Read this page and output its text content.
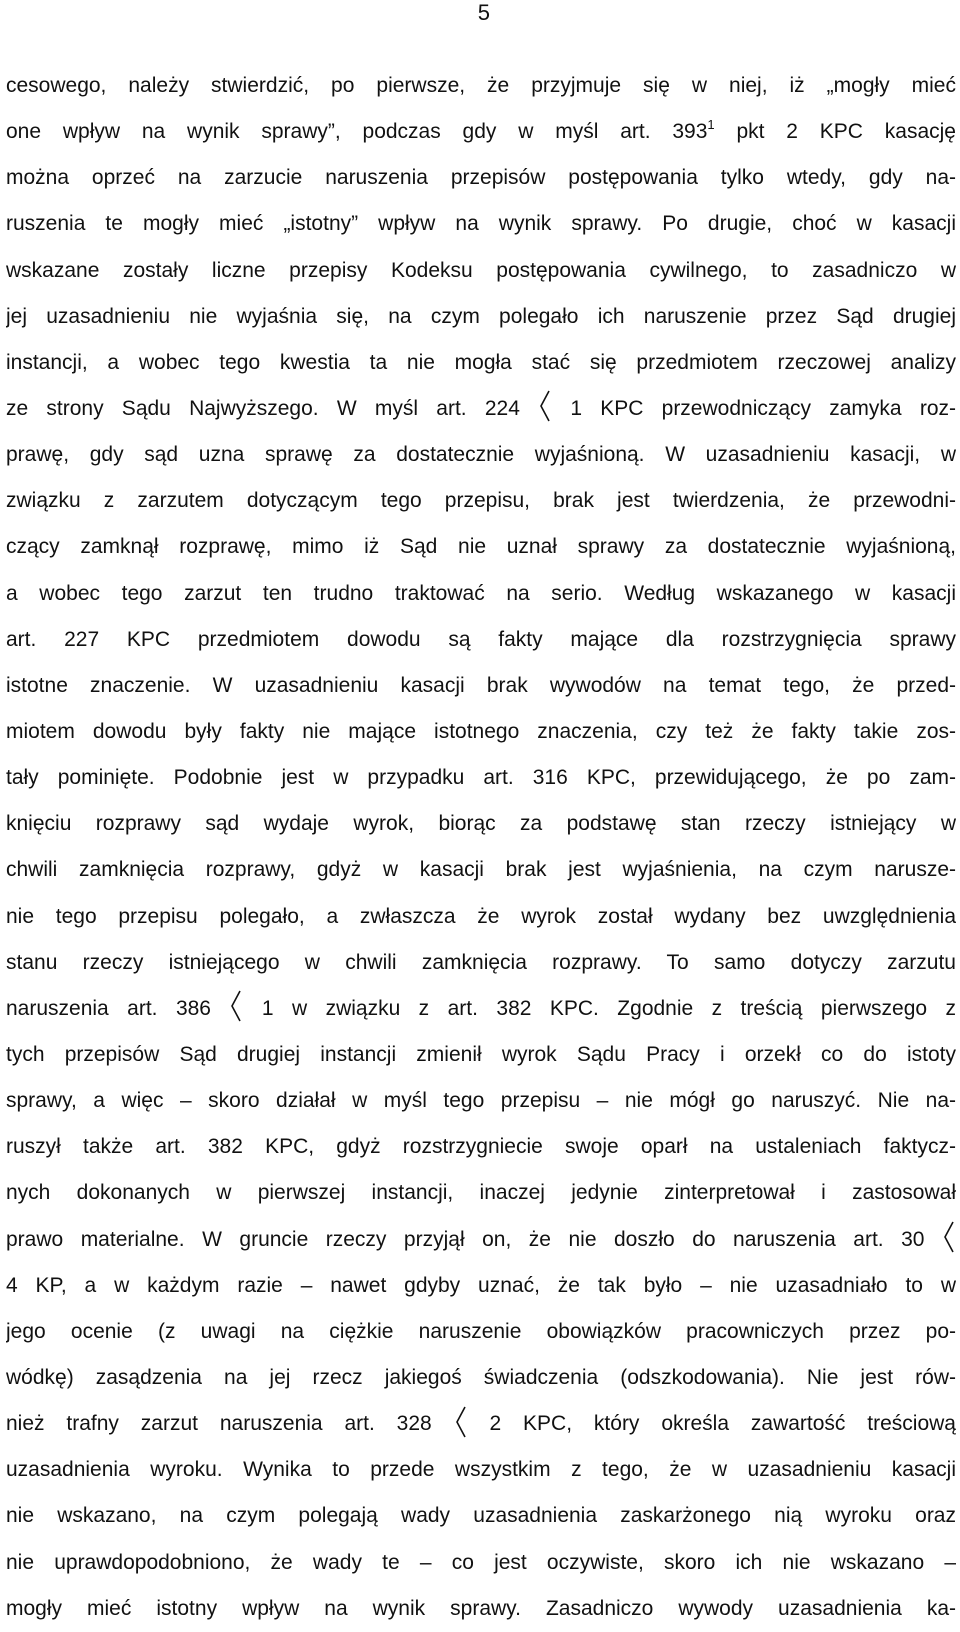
5
cesowego, należy stwierdzić, po pierwsze, że przyjmuje się w niej, iż „mogły mieć
one wpływ na wynik sprawy”, podczas gdy w myśl art. $393^1$ pkt 2 KPC kasację
można oprzeć na zarzucie naruszenia przepisów postępowania tylko wtedy, gdy na-
ruszenia te mogły mieć „istotny” wpływ na wynik sprawy. Po drugie, choć w kasacji
wskazane zostały liczne przepisy Kodeksu postępowania cywilnego, to zasadniczo w
jej uzasadnieniu nie wyjaśnia się, na czym polegało ich naruszenie przez Sąd drugiej
instancji, a wobec tego kwestia ta nie mogła stać się przedmiotem rzeczowej analizy
ze strony Sądu Najwyższego. W myśl art. 224
1 KPC przewodniczący zamyka roz-
prawę, gdy sąd uzna sprawę za dostatecznie wyjaśnioną. W uzasadnieniu kasacji, w
związku z zarzutem dotyczącym tego przepisu, brak jest twierdzenia, że przewodni-
czący zamknął rozprawę, mimo iż Sąd nie uznał sprawy za dostatecznie wyjaśnioną,
a wobec tego zarzut ten trudno traktować na serio. Według wskazanego w kasacji
art. 227 KPC przedmiotem dowodu są fakty mające dla rozstrzygnięcia sprawy
istotne znaczenie. W uzasadnieniu kasacji brak wywodów na temat tego, że przed-
miotem dowodu były fakty nie mające istotnego znaczenia, czy też że fakty takie zos-
tały pominięte. Podobnie jest w przypadku art. 316 KPC, przewidującego, że po zam-
knięciu rozprawy sąd wydaje wyrok, biorąc za podstawę stan rzeczy istniejący w
chwili zamknięcia rozprawy, gdyż w kasacji brak jest wyjaśnienia, na czym narusze-
nie tego przepisu polegało, a zwłaszcza że wyrok został wydany bez uwzględnienia
stanu rzeczy istniejącego w chwili zamknięcia rozprawy. To samo dotyczy zarzutu
naruszenia art. 386
1 w związku z art. 382 KPC. Zgodnie z treścią pierwszego z
tych przepisów Sąd drugiej instancji zmienił wyrok Sądu Pracy i orzekł co do istoty
sprawy, a więc – skoro działał w myśl tego przepisu – nie mógł go naruszyć. Nie na-
ruszył także art. 382 KPC, gdyż rozstrzygniecie swoje oparł na ustaleniach faktycz-
nych dokonanych w pierwszej instancji, inaczej jedynie zinterpretował i zastosował
prawo materialne. W gruncie rzeczy przyjął on, że nie doszło do naruszenia art. 30
4 KP, a w każdym razie – nawet gdyby uznać, że tak było – nie uzasadniało to w
jego ocenie (z uwagi na ciężkie naruszenie obowiązków pracowniczych przez po-
wódkę) zasądzenia na jej rzecz jakiegoś świadczenia (odszkodowania). Nie jest rów-
nież trafny zarzut naruszenia art. 328
2 KPC, który określa zawartość treściową
uzasadnienia wyroku. Wynika to przede wszystkim z tego, że w uzasadnieniu kasacji
nie wskazano, na czym polegają wady uzasadnienia zaskarżonego nią wyroku oraz
nie uprawdopodobniono, że wady te – co jest oczywiste, skoro ich nie wskazano –
mogły mieć istotny wpływ na wynik sprawy. Zasadniczo wywody uzasadnienia ka-
